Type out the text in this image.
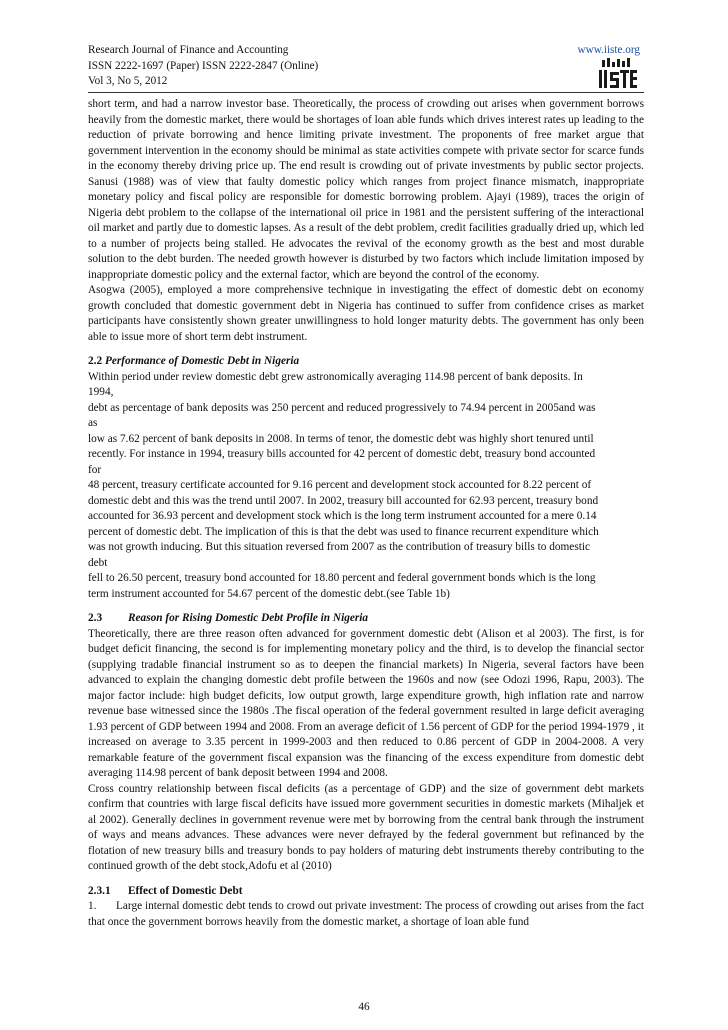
Research Journal of Finance and Accounting
ISSN 2222-1697 (Paper) ISSN 2222-2847 (Online)
Vol 3, No 5, 2012
www.iiste.org

short term, and had a narrow investor base. Theoretically, the process of crowding out arises when government borrows heavily from the domestic market, there would be shortages of loan able funds which drives interest rates up leading to the reduction of private borrowing and hence limiting private investment. The proponents of free market argue that government intervention in the economy should be minimal as state activities compete with private sector for scarce funds in the economy thereby driving price up. The end result is crowding out of private investments by public sector projects. Sanusi (1988) was of view that faulty domestic policy which ranges from project finance mismatch, inappropriate monetary policy and fiscal policy are responsible for domestic borrowing problem. Ajayi (1989), traces the origin of Nigeria debt problem to the collapse of the international oil price in 1981 and the persistent suffering of the interactional oil market and partly due to domestic lapses. As a result of the debt problem, credit facilities gradually dried up, which led to a number of projects being stalled. He advocates the revival of the economy growth as the best and most durable solution to the debt burden. The needed growth however is disturbed by two factors which include limitation imposed by inappropriate domestic policy and the external factor, which are beyond the control of the economy.

Asogwa (2005), employed a more comprehensive technique in investigating the effect of domestic debt on economy growth concluded that domestic government debt in Nigeria has continued to suffer from confidence crises as market participants have consistently shown greater unwillingness to hold longer maturity debts. The government has only been able to issue more of short term debt instrument.

2.2 Performance of Domestic Debt in Nigeria

Within period under review domestic debt grew astronomically averaging 114.98 percent of bank deposits. In
1994,
debt as percentage of bank deposits was 250 percent and reduced progressively to 74.94 percent in 2005and was
as
low as 7.62 percent of bank deposits in 2008. In terms of tenor, the domestic debt was highly short tenured until
recently. For instance in 1994, treasury bills accounted for 42 percent of domestic debt, treasury bond accounted
for
48 percent, treasury certificate accounted for 9.16 percent and development stock accounted for 8.22 percent of
domestic debt and this was the trend until 2007. In 2002, treasury bill accounted for 62.93 percent, treasury bond
accounted for 36.93 percent and development stock which is the long term instrument accounted for a mere 0.14
percent of domestic debt. The implication of this is that the debt was used to finance recurrent expenditure which
was not growth inducing. But this situation reversed from 2007 as the contribution of treasury bills to domestic
debt
fell to 26.50 percent, treasury bond accounted for 18.80 percent and federal government bonds which is the long
term instrument accounted for 54.67 percent of the domestic debt.(see Table 1b)

2.3 Reason for Rising Domestic Debt Profile in Nigeria

Theoretically, there are three reason often advanced for government domestic debt (Alison et al 2003). The first, is for budget deficit financing, the second is for implementing monetary policy and the third, is to develop the financial sector (supplying tradable financial instrument so as to deepen the financial markets) In Nigeria, several factors have been advanced to explain the changing domestic debt profile between the 1960s and now (see Odozi 1996, Rapu, 2003). The major factor include: high budget deficits, low output growth, large expenditure growth, high inflation rate and narrow revenue base witnessed since the 1980s .The fiscal operation of the federal government resulted in large deficit averaging 1.93 percent of GDP between 1994 and 2008. From an average deficit of 1.56 percent of GDP for the period 1994-1979 , it increased on average to 3.35 percent in 1999-2003 and then reduced to 0.86 percent of GDP in 2004-2008. A very remarkable feature of the government fiscal expansion was the financing of the excess expenditure from domestic debt averaging 114.98 percent of bank deposit between 1994 and 2008.

Cross country relationship between fiscal deficits (as a percentage of GDP) and the size of government debt markets confirm that countries with large fiscal deficits have issued more government securities in domestic markets (Mihaljek et al 2002). Generally declines in government revenue were met by borrowing from the central bank through the instrument of ways and means advances. These advances were never defrayed by the federal government but refinanced by the flotation of new treasury bills and treasury bonds to pay holders of maturing debt instruments thereby contributing to the continued growth of the debt stock,Adofu et al (2010)

2.3.1 Effect of Domestic Debt

1. Large internal domestic debt tends to crowd out private investment: The process of crowding out arises from the fact that once the government borrows heavily from the domestic market, a shortage of loan able fund

46
